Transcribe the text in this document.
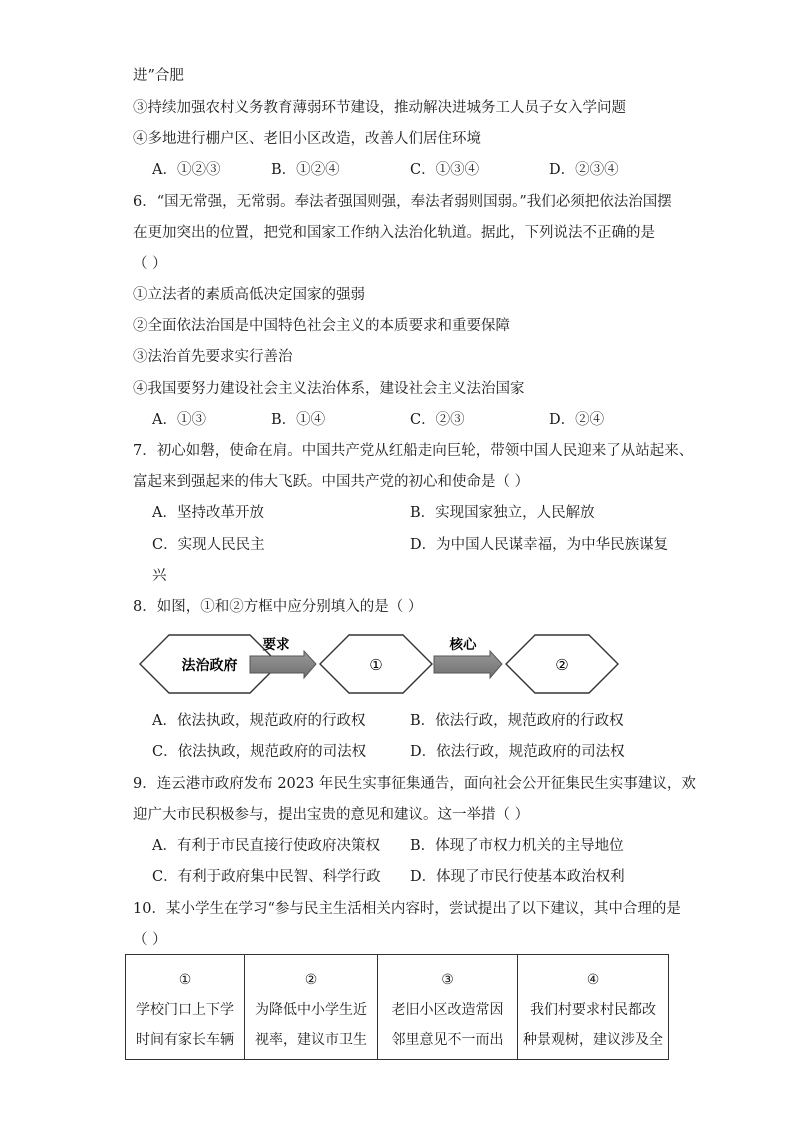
进”合肥
③持续加强农村义务教育薄弱环节建设，推动解决进城务工人员子女入学问题
④多地进行棚户区、老旧小区改造，改善人们居住环境
A．①②③	B．①②④	C．①③④	D．②③④
6．“国无常强，无常弱。奉法者强国则强，奉法者弱则国弱。”我们必须把依法治国摆
在更加突出的位置，把党和国家工作纳入法治化轨道。据此，下列说法不正确的是
（ ）
①立法者的素质高低决定国家的强弱
②全面依法治国是中国特色社会主义的本质要求和重要保障
③法治首先要求实行善治
④我国要努力建设社会主义法治体系，建设社会主义法治国家
A．①③	B．①④	C．②③	D．②④
7．初心如磐，使命在肩。中国共产党从红船走向巨轮，带领中国人民迎来了从站起来、
富起来到强起来的伟大飞跃。中国共产党的初心和使命是（ ）
A．坚持改革开放	B．实现国家独立，人民解放
C．实现人民民主	D．为中国人民谋幸福，为中华民族谋复
兴
8．如图，①和②方框中应分别填入的是（ ）
法治政府
要求
①
核心
②
A．依法执政，规范政府的行政权	B．依法行政，规范政府的行政权
C．依法执政，规范政府的司法权	D．依法行政，规范政府的司法权
9．连云港市政府发布 2023 年民生实事征集通告，面向社会公开征集民生实事建议，欢
迎广大市民积极参与，提出宝贵的意见和建议。这一举措（ ）
A．有利于市民直接行使政府决策权 B．体现了市权力机关的主导地位
C．有利于政府集中民智、科学行政 D．体现了市民行使基本政治权利
10．某小学生在学习“参与民主生活相关内容时，尝试提出了以下建议，其中合理的是
（ ）
①
学校门口上下学
时间有家长车辆

②
为降低中小学生近
视率，建议市卫生

③
老旧小区改造常因
邻里意见不一而出

④
我们村要求村民都改
种景观树，建议涉及全
